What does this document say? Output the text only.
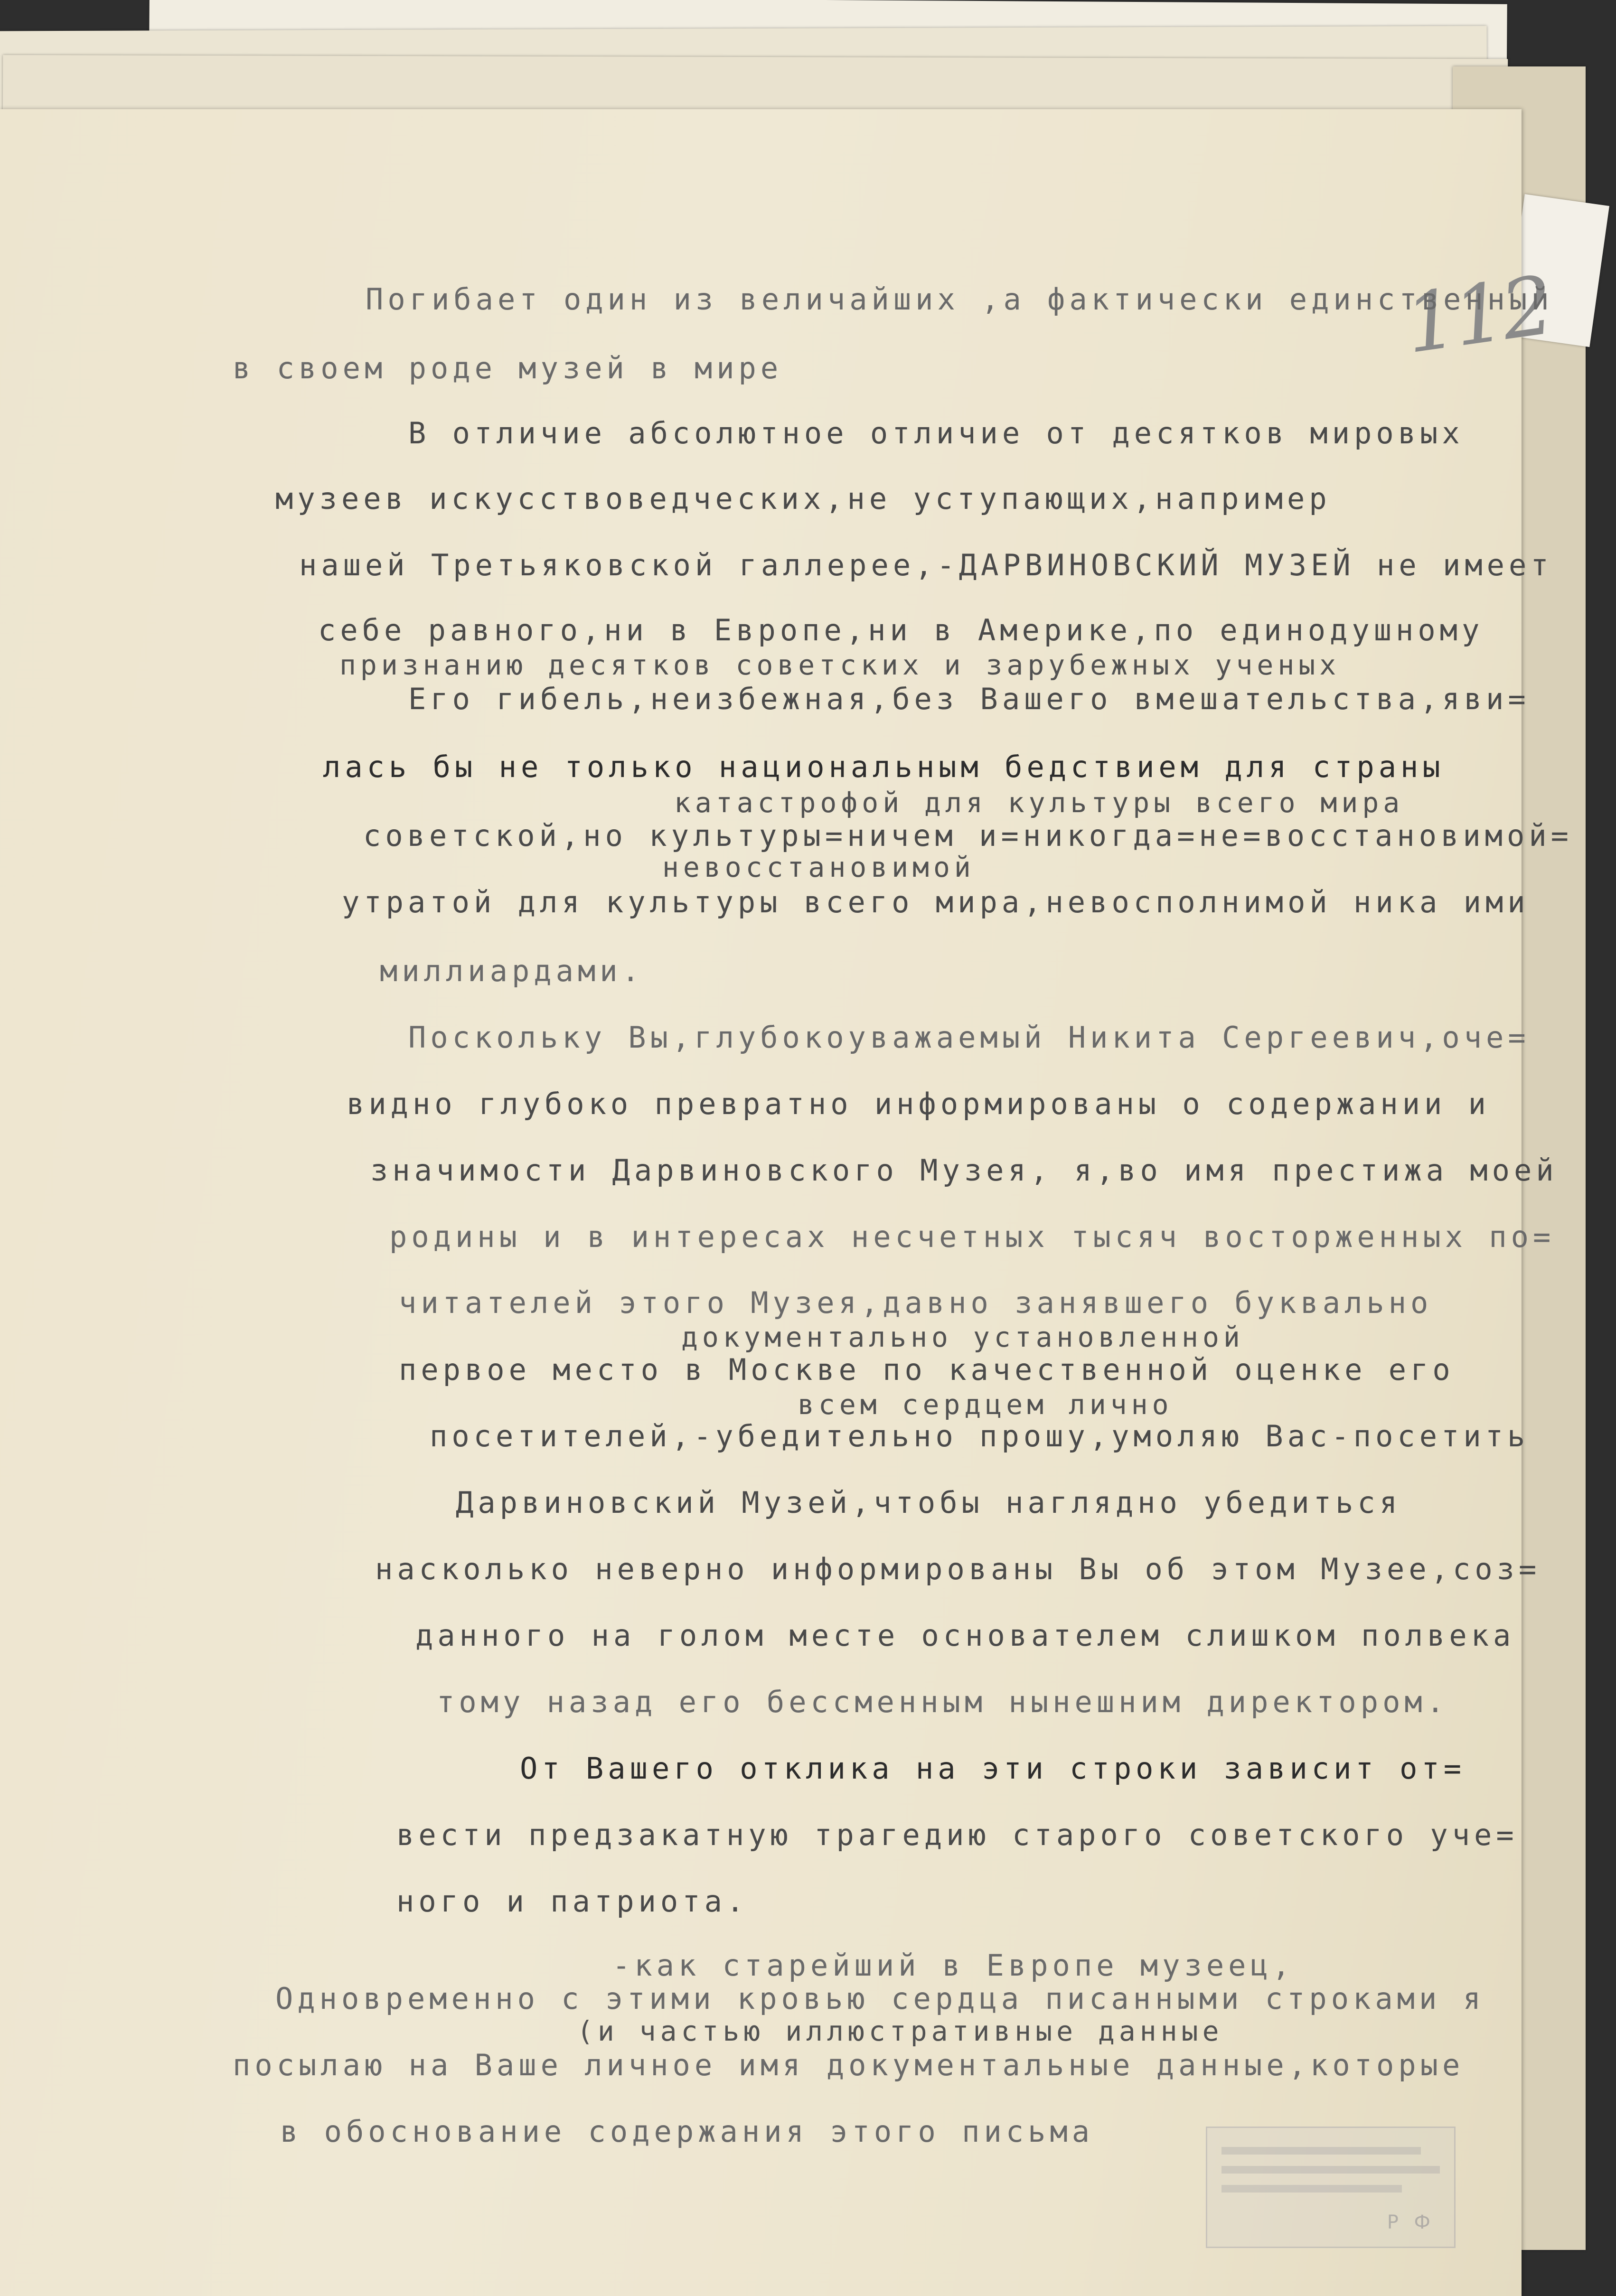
112
Погибает один из величайших ,а фактически единственный
в своем роде музей в мире
В отличие абсолютное отличие от десятков мировых
музеев искусствоведческих,не уступающих,например
нашей Третьяковской галлерее,-ДАРВИНОВСКИЙ МУЗЕЙ не имеет
себе равного,ни в Европе,ни в Америке,по единодушному
признанию десятков советских и зарубежных ученых
Его гибель,неизбежная,без Вашего вмешательства,яви=
лась бы не только национальным бедствием для страны
катастрофой для культуры всего мира
советской,но культуры=ничем и=никогда=не=восстановимой=
невосстановимой
утратой для культуры всего мира,невосполнимой ника ими
миллиардами.
Поскольку Вы,глубокоуважаемый Никита Сергеевич,оче=
видно глубоко превратно информированы о содержании и
значимости Дарвиновского Музея, я,во имя престижа моей
родины и в интересах несчетных тысяч восторженных по=
читателей этого Музея,давно занявшего буквально
документально установленной
первое место в Москве по качественной оценке его
всем сердцем лично
посетителей,-убедительно прошу,умоляю Вас-посетить
Дарвиновский Музей,чтобы наглядно убедиться
насколько неверно информированы Вы об этом Музее,соз=
данного на голом месте основателем слишком полвека
тому назад его бессменным нынешним директором.
От Вашего отклика на эти строки зависит от=
вести предзакатную трагедию старого советского уче=
ного и патриота.
-как старейший в Европе музеец,
Одновременно с этими кровью сердца писанными строками я
(и частью иллюстративные данные
посылаю на Ваше личное имя документальные данные,которые
в обоснование содержания этого письма
Р Ф
